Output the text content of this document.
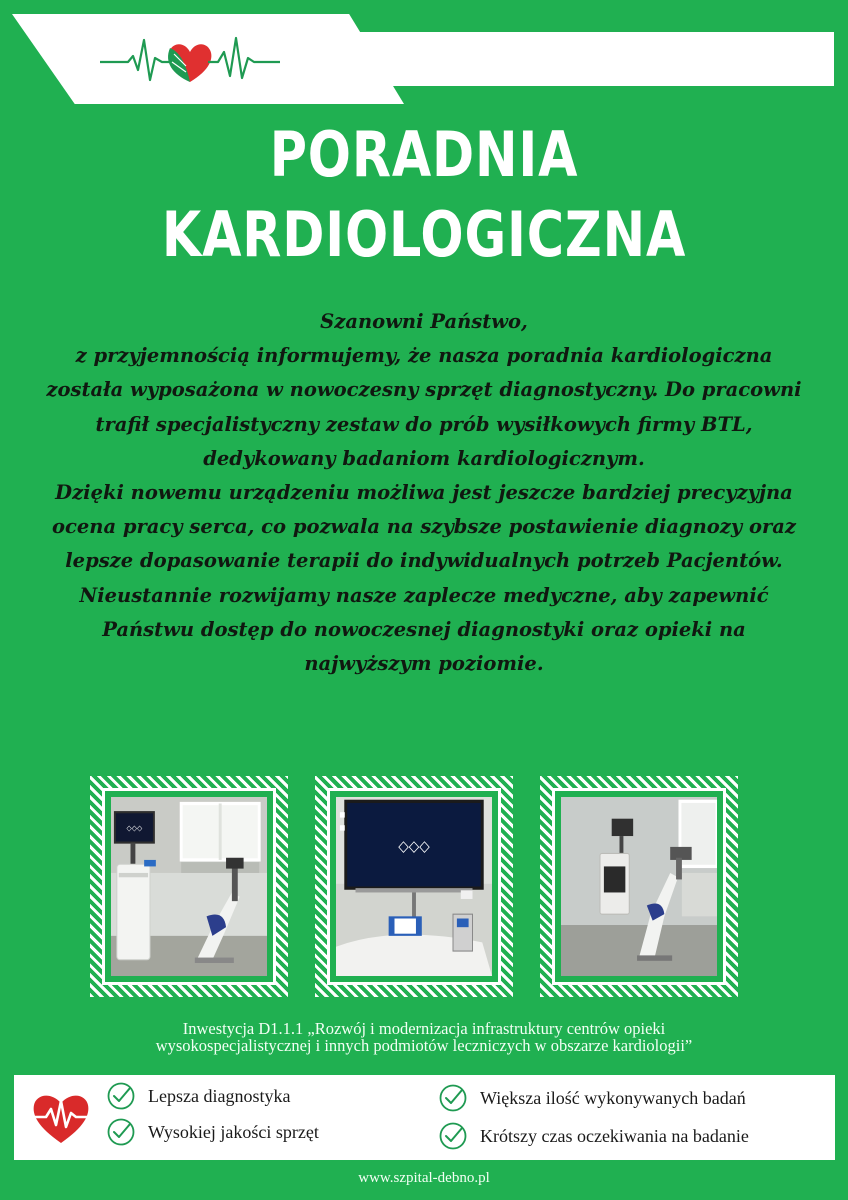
PORADNIA
KARDIOLOGICZNA

Szanowni Państwo,

z przyjemnością informujemy, że nasza poradnia kardiologiczna została wyposażona w nowoczesny sprzęt diagnostyczny. Do pracowni trafił specjalistyczny zestaw do prób wysiłkowych firmy BTL, dedykowany badaniom kardiologicznym.

Dzięki nowemu urządzeniu możliwa jest jeszcze bardziej precyzyjna ocena pracy serca, co pozwala na szybsze postawienie diagnozy oraz lepsze dopasowanie terapii do indywidualnych potrzeb Pacjentów.

Nieustannie rozwijamy nasze zaplecze medyczne, aby zapewnić Państwu dostęp do nowoczesnej diagnostyki oraz opieki na najwyższym poziomie.

◇◇◇
◇◇◇
Inwestycja D1.1.1 „Rozwój i modernizacja infrastruktury centrów opieki
wysokospecjalistycznej i innych podmiotów leczniczych w obszarze kardiologii”
Lepsza diagnostyka
Wysokiej jakości sprzęt
Większa ilość wykonywanych badań
Krótszy czas oczekiwania na badanie
www.szpital-debno.pl
